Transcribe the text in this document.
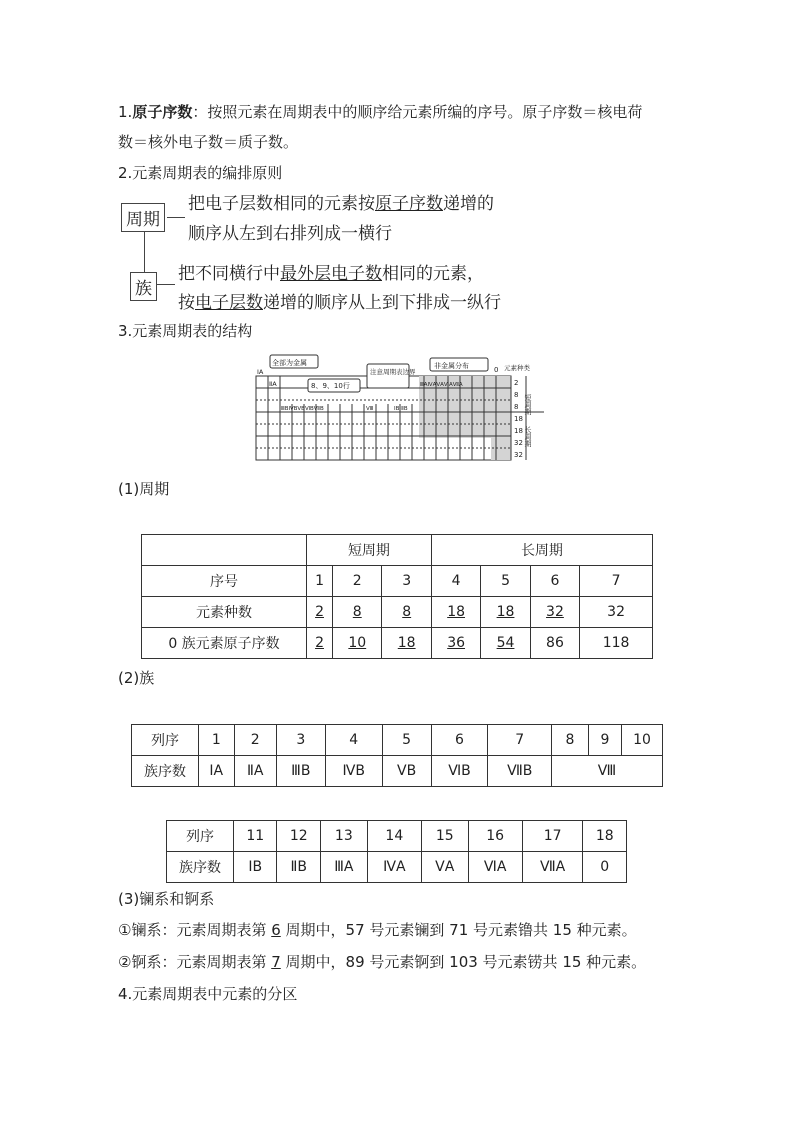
1.原子序数：按照元素在周期表中的顺序给元素所编的序号。原子序数＝核电荷
数＝核外电子数＝质子数。
2.元素周期表的编排原则
周期
族
把电子层数相同的元素按原子序数递增的
顺序从左到右排列成一横行
把不同横行中最外层电子数相同的元素，
按电子层数递增的顺序从上到下排成一纵行
3.元素周期表的结构
全部为金属
8、9、10行
注意周期表边界
非金属分布	0 元素种类
ⅠA
ⅡA
ⅢBⅣBⅤBⅥBⅦB	Ⅷ	ⅠB ⅡB
ⅢAⅣAⅤAⅥAⅦA
短周期
长周期
2
8
8
18
18
32
32
(1)周期
	短周期			长周期			
序号	1	2	3	4	5	6	7
元素种数	2	8	8	18	18	32	32
0 族元素原子序数	2	10	18	36	54	86	118
(2)族
列序	1	2	3	4	5	6	7	8	9	10
族序数	ⅠA	ⅡA	ⅢB	ⅣB	ⅤB	ⅥB	ⅦB	Ⅷ		
列序	11	12	13	14	15	16	17	18
族序数	ⅠB	ⅡB	ⅢA	ⅣA	ⅤA	ⅥA	ⅦA	0
(3)镧系和锕系
①镧系：元素周期表第 6 周期中，57 号元素镧到 71 号元素镥共 15 种元素。
②锕系：元素周期表第 7 周期中，89 号元素锕到 103 号元素铹共 15 种元素。
4.元素周期表中元素的分区
